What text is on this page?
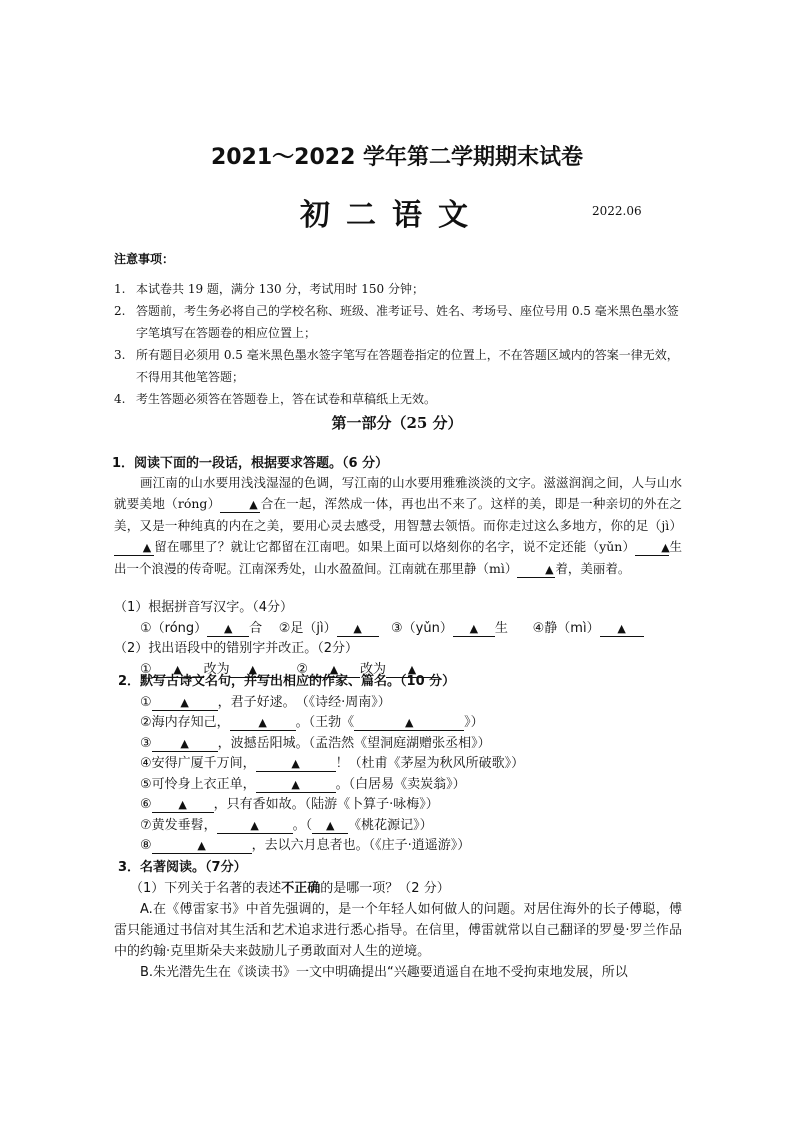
2021～2022 学年第二学期期末试卷
初二语文	2022.06
注意事项：
1. 本试卷共 19 题，满分 130 分，考试用时 150 分钟；
2. 答题前，考生务必将自己的学校名称、班级、准考证号、姓名、考场号、座位号用 0.5 毫米黑色墨水签字笔填写在答题卷的相应位置上；
3. 所有题目必须用 0.5 毫米黑色墨水签字笔写在答题卷指定的位置上，不在答题区域内的答案一律无效，不得用其他笔答题；
4. 考生答题必须答在答题卷上，答在试卷和草稿纸上无效。
第一部分（25 分）
1．阅读下面的一段话，根据要求答题。（6 分）
画江南的山水要用浅浅湿湿的色调，写江南的山水要用雅雅淡淡的文字。滋滋润润之间，人与山水就要美地（róng）	▲ 合在一起，浑然成一体，再也出不来了。这样的美，即是一种亲切的外在之美，又是一种纯真的内在之美，要用心灵去感受，用智慧去领悟。而你走过这么多地方，你的足（jì）▲ 留在哪里了？就让它都留在江南吧。如果上面可以烙刻你的名字，说不定还能（yǔn） ▲生出一个浪漫的传奇呢。江南深秀处，山水盈盈间。江南就在那里静（mì）	▲ 着，美丽着。
（1）根据拼音写汉字。（4分）
①（róng） ▲ 合 ②足（jì） ▲ ③（yǔn） ▲ 生 ④静（mì） ▲
（2）找出语段中的错别字并改正。（2分）
① ▲ 改为 ▲	② ▲ 改为 ▲
2．默写古诗文名句，并写出相应的作家、篇名。（10 分）
①	▲ ，君子好逑。　（《诗经·周南》）
②海内存知己，	▲ 。（王勃《	▲	》）
③	▲ ，波撼岳阳城。（孟浩然《望洞庭湖赠张丞相》）
④安得广厦千万间，	▲	！（杜甫《茅屋为秋风所破歌》）
⑤可怜身上衣正单，	▲	。（白居易《卖炭翁》）
⑥ ▲ ，只有香如故。（陆游《卜算子·咏梅》）
⑦黄发垂髫，	▲	。（ ▲ 《桃花源记》）
⑧	▲	，去以六月息者也。（《庄子·逍遥游》）
3．名著阅读。（7分）
（1）下列关于名著的表述不正确的是哪一项？（2 分）
A.在《傅雷家书》中首先强调的，是一个年轻人如何做人的问题。对居住海外的长子傅聪，傅雷只能通过书信对其生活和艺术追求进行悉心指导。在信里，傅雷就常以自己翻译的罗曼·罗兰作品中的约翰·克里斯朵夫来鼓励儿子勇敢面对人生的逆境。
B.朱光潜先生在《谈读书》一文中明确提出“兴趣要逍遥自在地不受拘束地发展，所以
